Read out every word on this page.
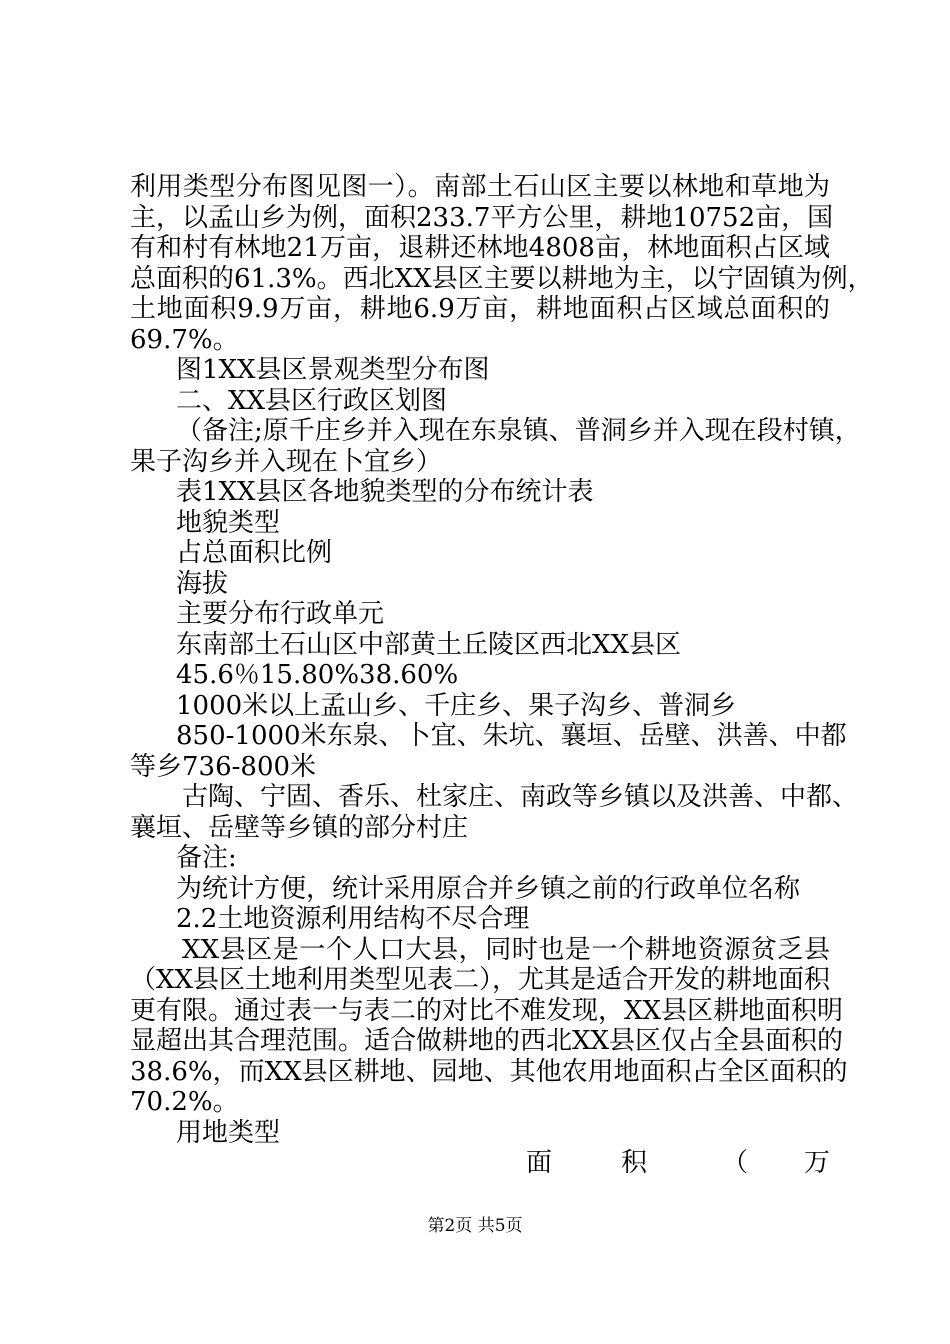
利用类型分布图见图一）。南部土石山区主要以林地和草地为
主，以孟山乡为例，面积233.7平方公里，耕地10752亩，国
有和村有林地21万亩，退耕还林地4808亩，林地面积占区域
总面积的61.3%。西北XX县区主要以耕地为主，以宁固镇为例，
土地面积9.9万亩，耕地6.9万亩，耕地面积占区域总面积的
69.7%。
图1XX县区景观类型分布图
二、XX县区行政区划图
（备注;原千庄乡并入现在东泉镇、普洞乡并入现在段村镇，
果子沟乡并入现在卜宜乡）
表1XX县区各地貌类型的分布统计表
地貌类型
占总面积比例
海拔
主要分布行政单元
东南部土石山区中部黄土丘陵区西北XX县区
45.6％15.80%38.60%
1000米以上孟山乡、千庄乡、果子沟乡、普洞乡
850-1000米东泉、卜宜、朱坑、襄垣、岳壁、洪善、中都
等乡736-800米
古陶、宁固、香乐、杜家庄、南政等乡镇以及洪善、中都、
襄垣、岳壁等乡镇的部分村庄
备注:
为统计方便，统计采用原合并乡镇之前的行政单位名称
2.2土地资源利用结构不尽合理
XX县区是一个人口大县，同时也是一个耕地资源贫乏县
（XX县区土地利用类型见表二），尤其是适合开发的耕地面积
更有限。通过表一与表二的对比不难发现，XX县区耕地面积明
显超出其合理范围。适合做耕地的西北XX县区仅占全县面积的
38.6%，而XX县区耕地、园地、其他农用地面积占全区面积的
70.2%。
用地类型
面	积	（ 万
第2页 共5页
